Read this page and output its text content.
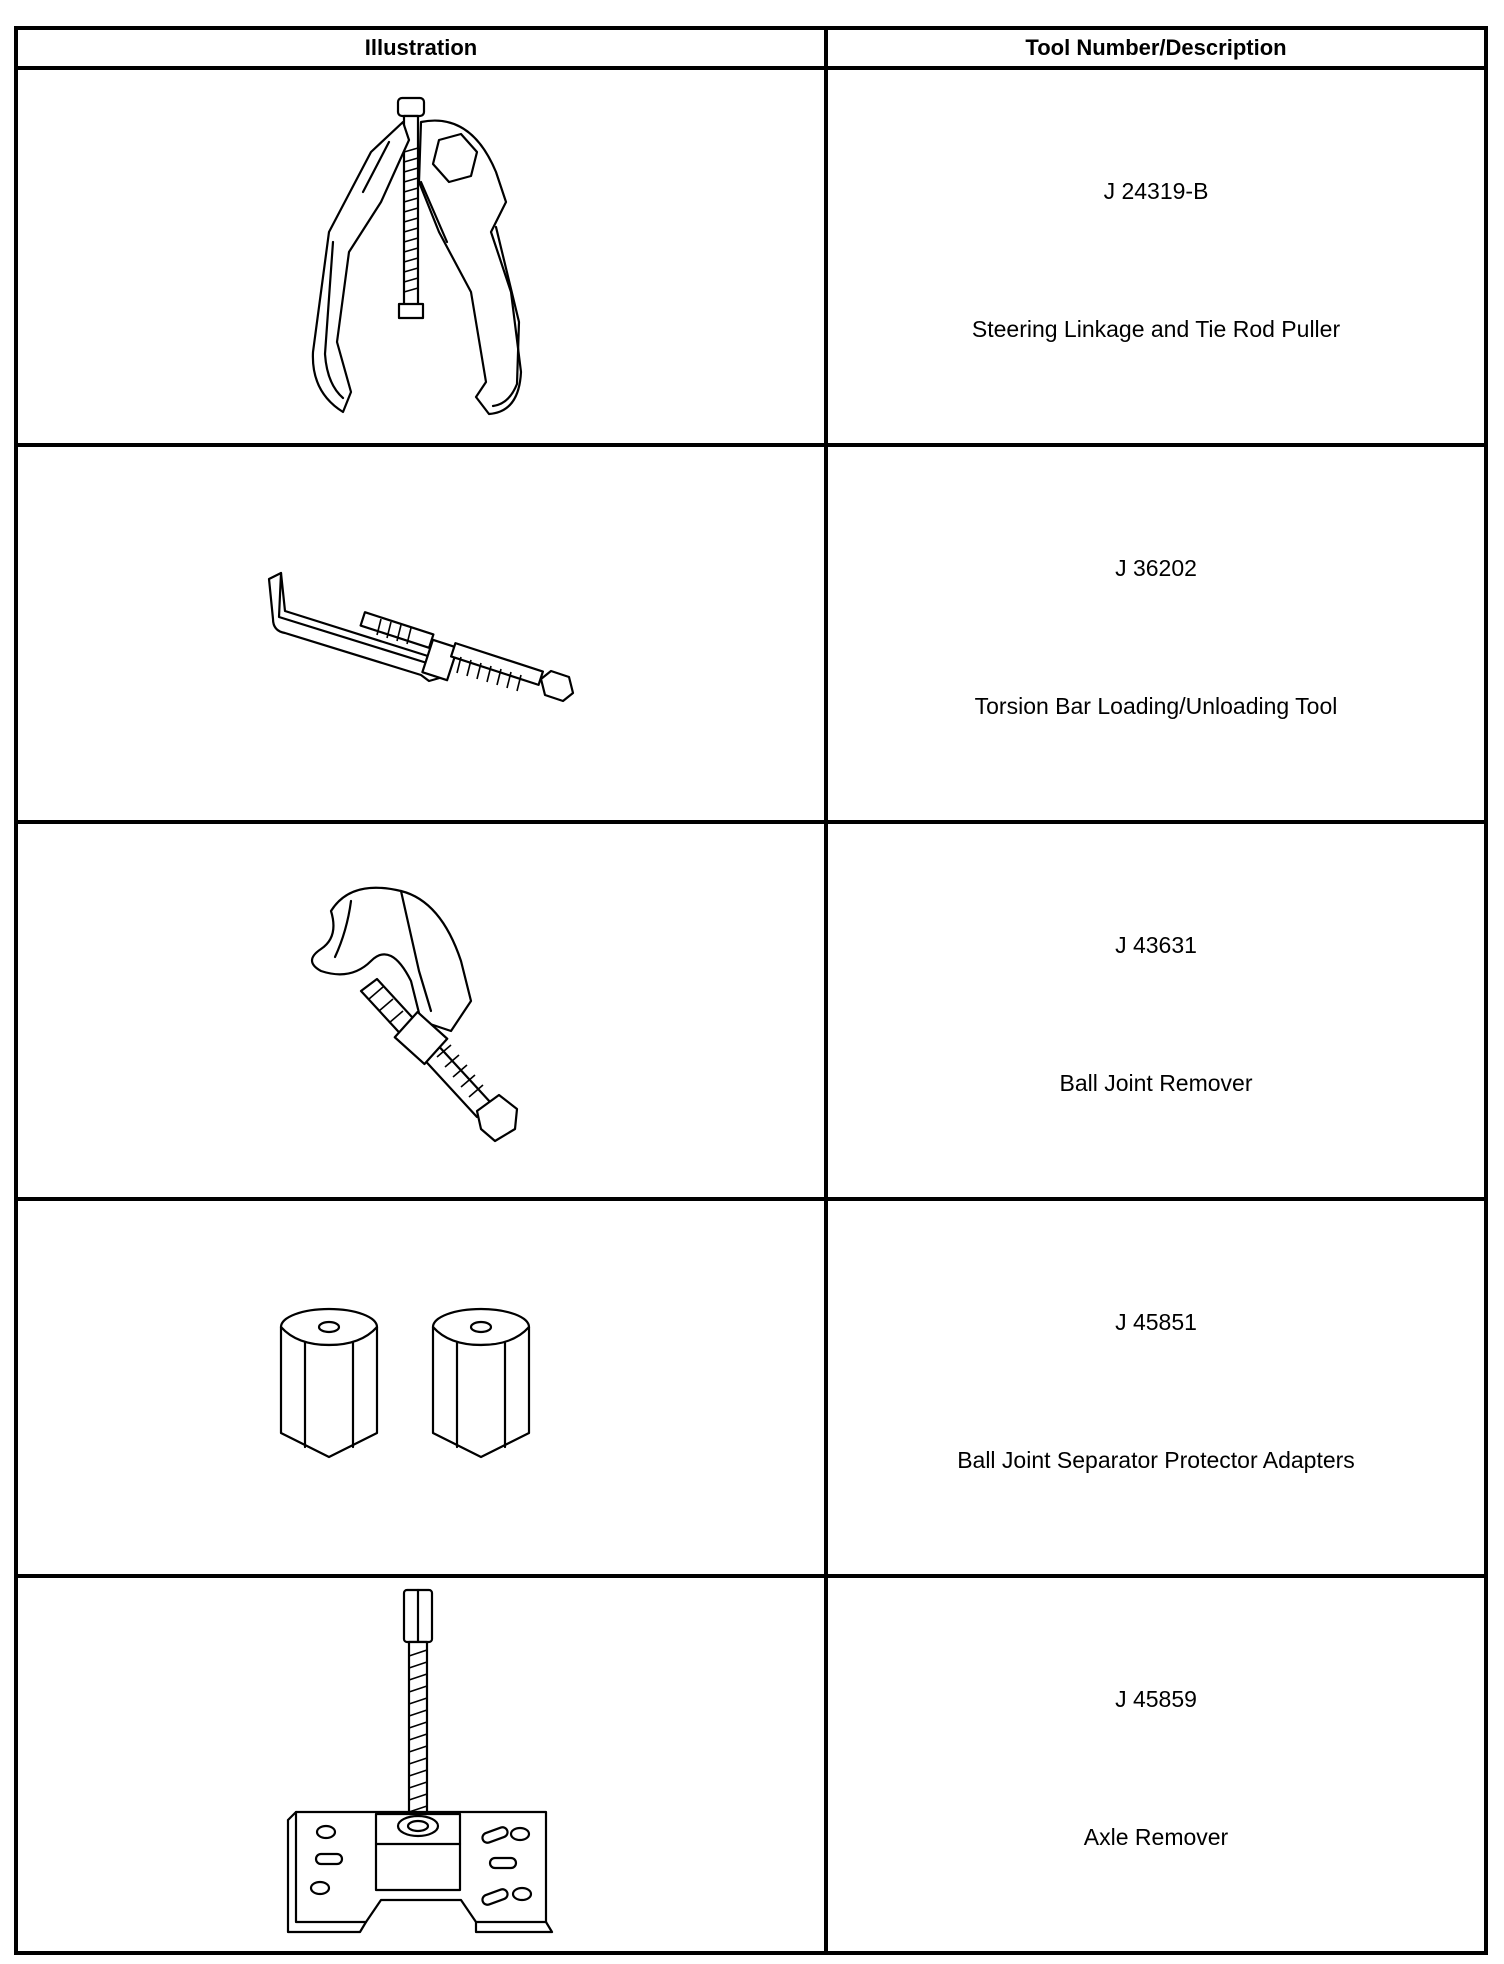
Illustration	Tool Number/Description

J 24319-B
Steering Linkage and Tie Rod Puller

J 36202
Torsion Bar Loading/Unloading Tool

J 43631
Ball Joint Remover

J 45851
Ball Joint Separator Protector Adapters

J 45859
Axle Remover
